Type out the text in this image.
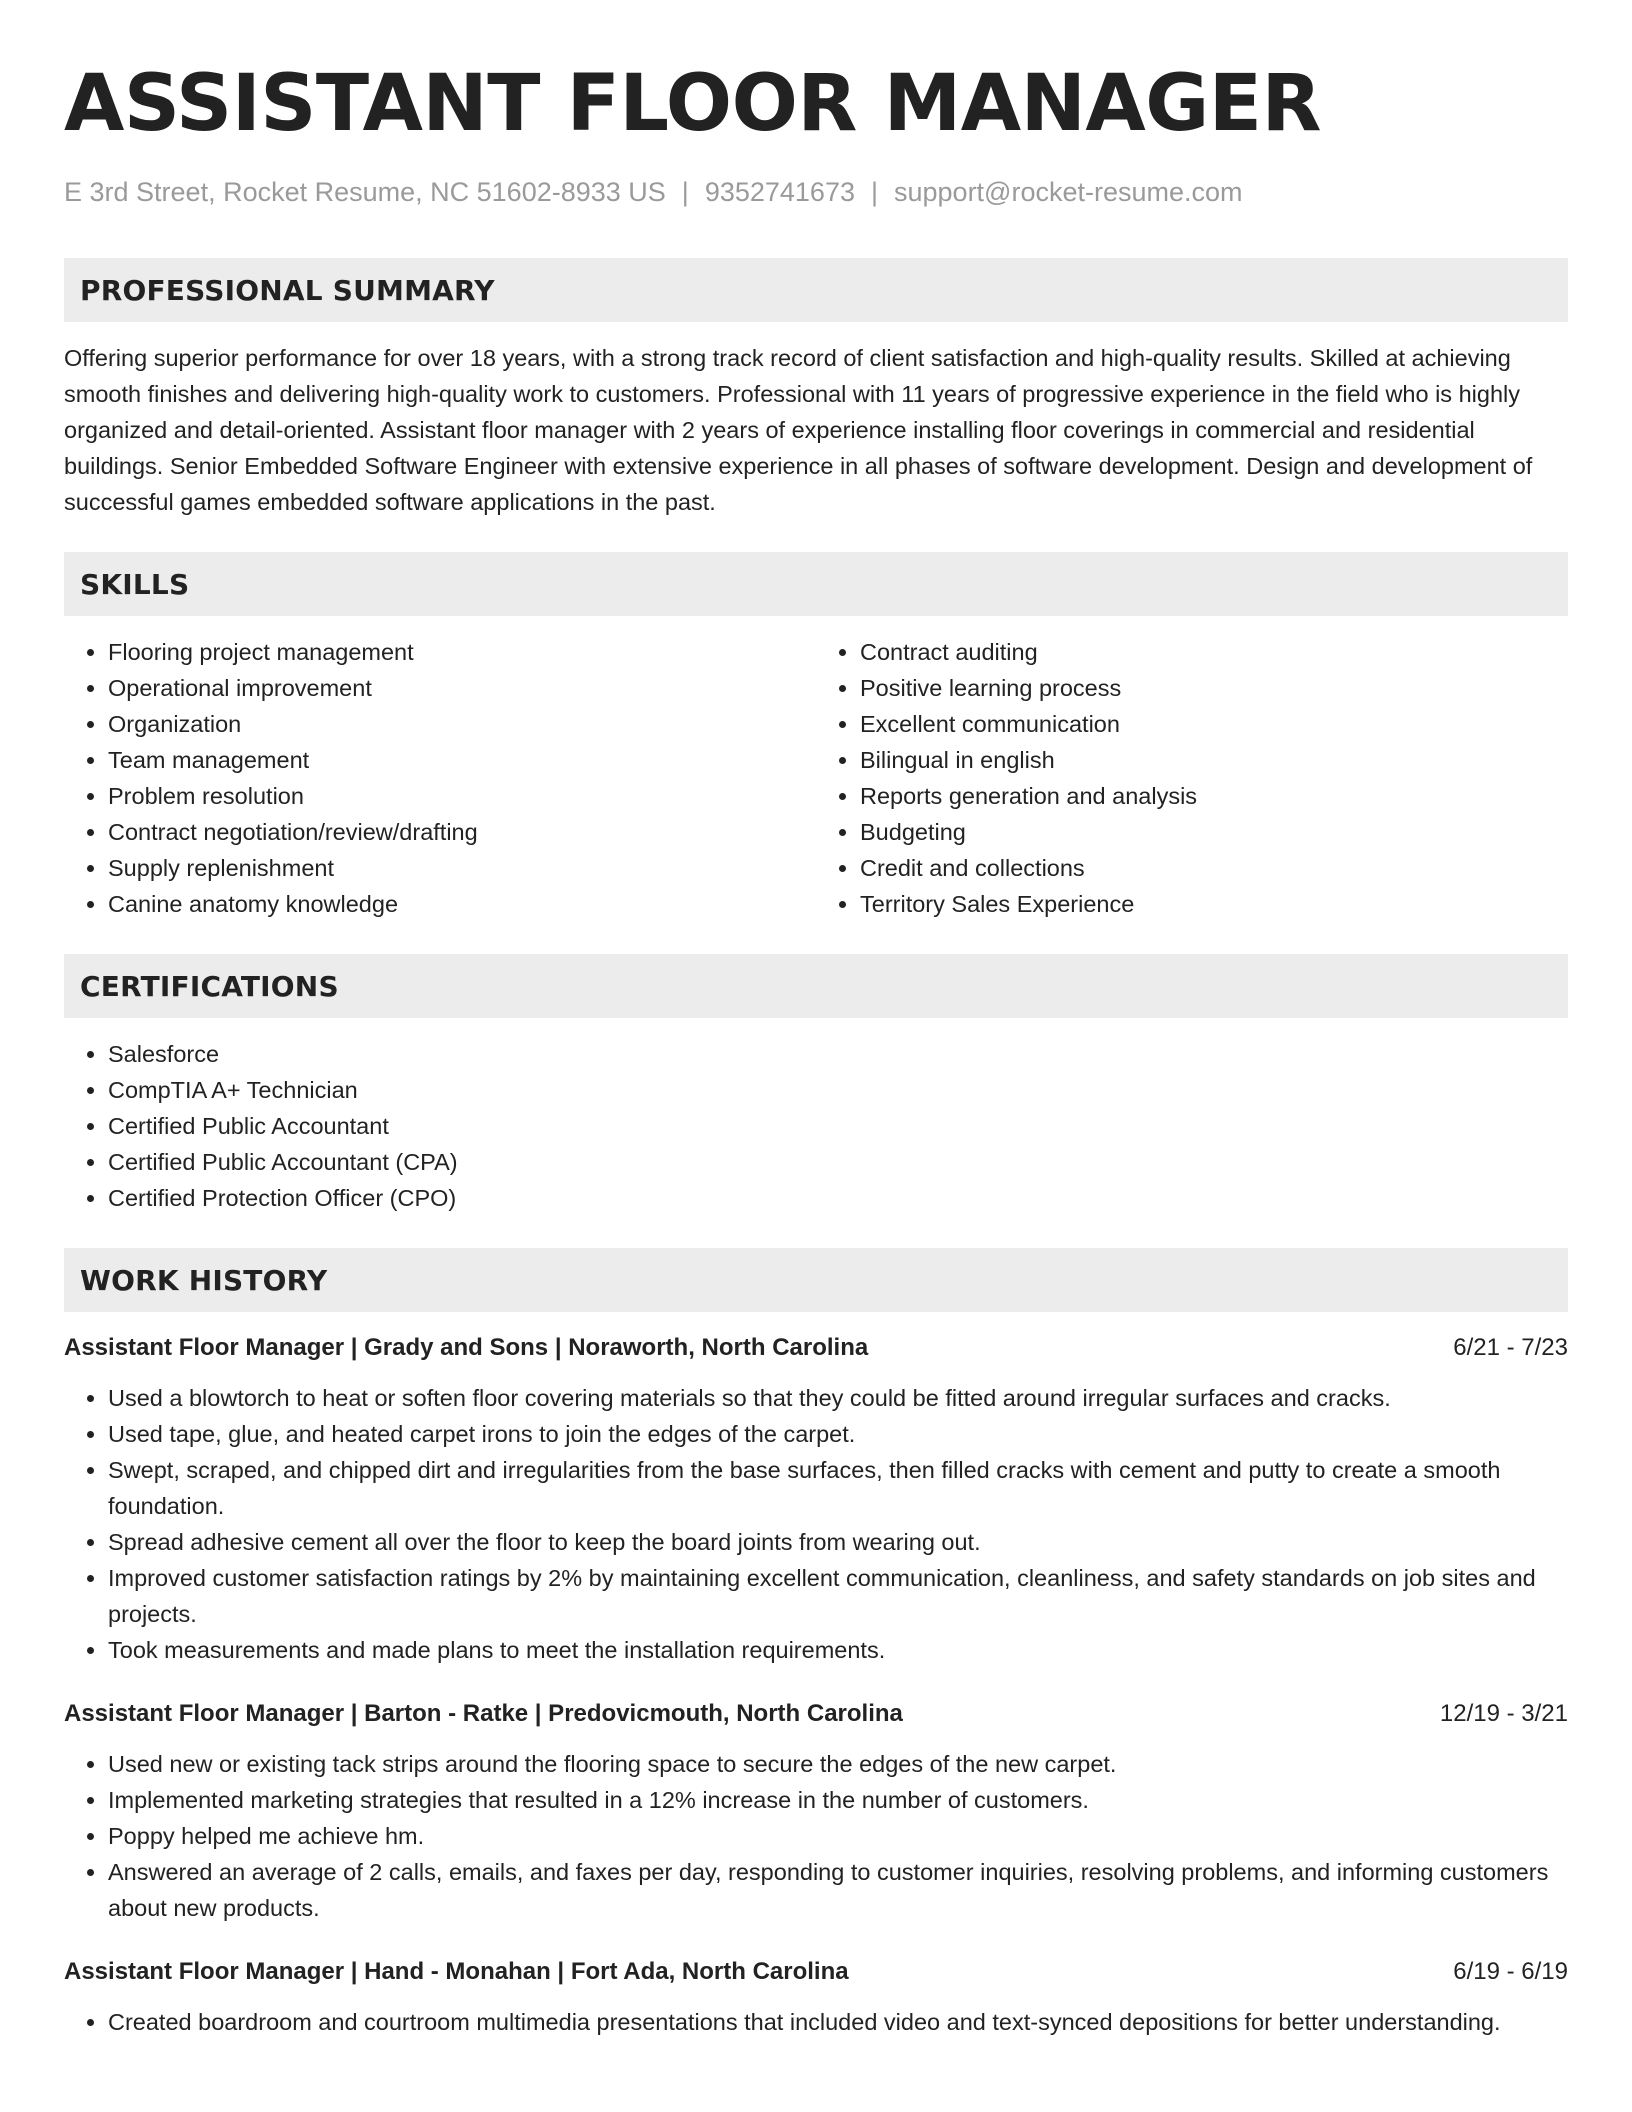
ASSISTANT FLOOR MANAGER
E 3rd Street, Rocket Resume, NC 51602-8933 US | 9352741673 | support@rocket-resume.com
PROFESSIONAL SUMMARY

Offering superior performance for over 18 years, with a strong track record of client satisfaction and high-quality results. Skilled at achieving smooth finishes and delivering high-quality work to customers. Professional with 11 years of progressive experience in the field who is highly organized and detail-oriented. Assistant floor manager with 2 years of experience installing floor coverings in commercial and residential buildings. Senior Embedded Software Engineer with extensive experience in all phases of software development. Design and development of successful games embedded software applications in the past.

SKILLS
• Flooring project management
• Operational improvement
• Organization
• Team management
• Problem resolution
• Contract negotiation/review/drafting
• Supply replenishment
• Canine anatomy knowledge
• Contract auditing
• Positive learning process
• Excellent communication
• Bilingual in english
• Reports generation and analysis
• Budgeting
• Credit and collections
• Territory Sales Experience
CERTIFICATIONS
• Salesforce
• CompTIA A+ Technician
• Certified Public Accountant
• Certified Public Accountant (CPA)
• Certified Protection Officer (CPO)
WORK HISTORY
Assistant Floor Manager | Grady and Sons | Noraworth, North Carolina	6/21 - 7/23
• Used a blowtorch to heat or soften floor covering materials so that they could be fitted around irregular surfaces and cracks.
• Used tape, glue, and heated carpet irons to join the edges of the carpet.
• Swept, scraped, and chipped dirt and irregularities from the base surfaces, then filled cracks with cement and putty to create a smooth foundation.
• Spread adhesive cement all over the floor to keep the board joints from wearing out.
• Improved customer satisfaction ratings by 2% by maintaining excellent communication, cleanliness, and safety standards on job sites and projects.
• Took measurements and made plans to meet the installation requirements.
Assistant Floor Manager | Barton - Ratke | Predovicmouth, North Carolina	12/19 - 3/21
• Used new or existing tack strips around the flooring space to secure the edges of the new carpet.
• Implemented marketing strategies that resulted in a 12% increase in the number of customers.
• Poppy helped me achieve hm.
• Answered an average of 2 calls, emails, and faxes per day, responding to customer inquiries, resolving problems, and informing customers about new products.
Assistant Floor Manager | Hand - Monahan | Fort Ada, North Carolina	6/19 - 6/19
• Created boardroom and courtroom multimedia presentations that included video and text-synced depositions for better understanding.
